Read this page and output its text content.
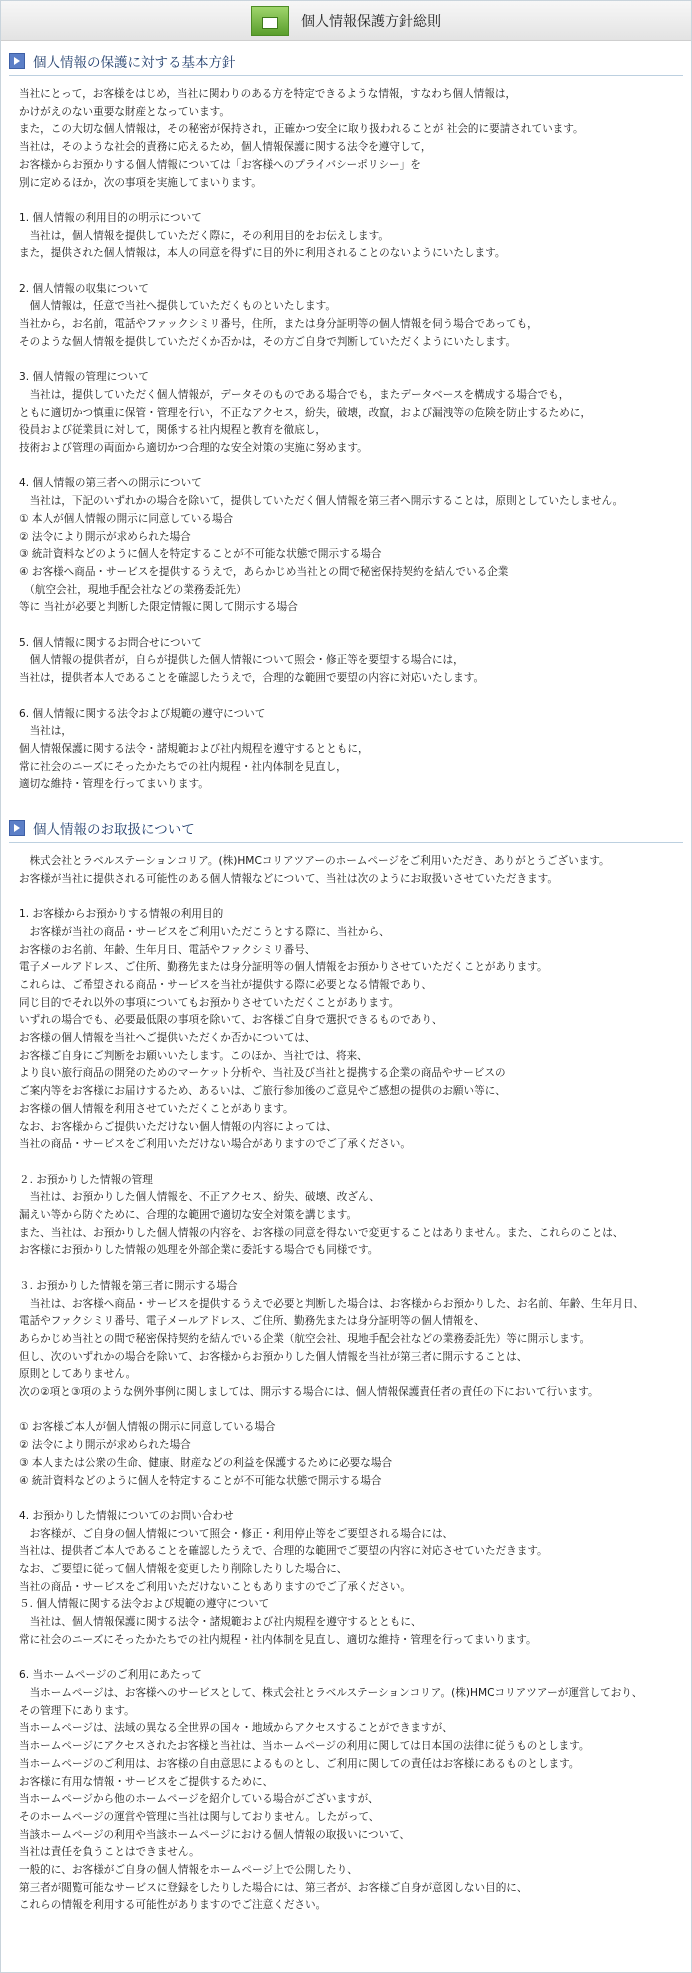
個人情報保護方針総則
個人情報の保護に対する基本方針
当社にとって，お客様をはじめ，当社に関わりのある方を特定できるような情報，すなわち個人情報は，
かけがえのない重要な財産となっています。
また，この大切な個人情報は，その秘密が保持され，正確かつ安全に取り扱われることが 社会的に要請されています。
当社は，そのような社会的責務に応えるため，個人情報保護に関する法令を遵守して，
お客様からお預かりする個人情報については「お客様へのプライバシーポリシー」を
別に定めるほか，次の事項を実施してまいります。
1. 個人情報の利用目的の明示について
　当社は，個人情報を提供していただく際に，その利用目的をお伝えします。
また，提供された個人情報は，本人の同意を得ずに目的外に利用されることのないようにいたします。
2. 個人情報の収集について
　個人情報は，任意で当社へ提供していただくものといたします。
当社から，お名前，電話やファックシミリ番号，住所，または身分証明等の個人情報を伺う場合であっても，
そのような個人情報を提供していただくか否かは，その方ご自身で判断していただくようにいたします。
3. 個人情報の管理について
　当社は，提供していただく個人情報が，データそのものである場合でも，またデータベースを構成する場合でも，
ともに適切かつ慎重に保管・管理を行い，不正なアクセス，紛失，破壊，改竄，および漏洩等の危険を防止するために，
役員および従業員に対して，関係する社内規程と教育を徹底し，
技術および管理の両面から適切かつ合理的な安全対策の実施に努めます。
4. 個人情報の第三者への開示について
　当社は，下記のいずれかの場合を除いて，提供していただく個人情報を第三者へ開示することは，原則としていたしません。
① 本人が個人情報の開示に同意している場合
② 法令により開示が求められた場合
③ 統計資料などのように個人を特定することが不可能な状態で開示する場合
④ お客様へ商品・サービスを提供するうえで，あらかじめ当社との間で秘密保持契約を結んでいる企業
　（航空会社，現地手配会社などの業務委託先）
等に 当社が必要と判断した限定情報に関して開示する場合
5. 個人情報に関するお問合せについて
　個人情報の提供者が，自らが提供した個人情報について照会・修正等を要望する場合には，
当社は，提供者本人であることを確認したうえで，合理的な範囲で要望の内容に対応いたします。
6. 個人情報に関する法令および規範の遵守について
　当社は，
個人情報保護に関する法令・諸規範および社内規程を遵守するとともに，
常に社会のニーズにそったかたちでの社内規程・社内体制を見直し，
適切な維持・管理を行ってまいります。
個人情報のお取扱について
　株式会社とラベルステーションコリア。(株)HMCコリアツアーのホームページをご利用いただき、ありがとうございます。
お客様が当社に提供される可能性のある個人情報などについて、当社は次のようにお取扱いさせていただきます。
1. お客様からお預かりする情報の利用目的
　お客様が当社の商品・サービスをご利用いただこうとする際に、当社から、
お客様のお名前、年齢、生年月日、電話やファクシミリ番号、
電子メールアドレス、ご住所、勤務先または身分証明等の個人情報をお預かりさせていただくことがあります。
これらは、ご希望される商品・サービスを当社が提供する際に必要となる情報であり、
同じ目的でそれ以外の事項についてもお預かりさせていただくことがあります。
いずれの場合でも、必要最低限の事項を除いて、お客様ご自身で選択できるものであり、
お客様の個人情報を当社へご提供いただくか否かについては、
お客様ご自身にご判断をお願いいたします。このほか、当社では、将来、
より良い旅行商品の開発のためのマーケット分析や、当社及び当社と提携する企業の商品やサービスの
ご案内等をお客様にお届けするため、あるいは、ご旅行参加後のご意見やご感想の提供のお願い等に、
お客様の個人情報を利用させていただくことがあります。
なお、お客様からご提供いただけない個人情報の内容によっては、
当社の商品・サービスをご利用いただけない場合がありますのでご了承ください。
２. お預かりした情報の管理
　当社は、お預かりした個人情報を、不正アクセス、紛失、破壊、改ざん、
漏えい等から防ぐために、合理的な範囲で適切な安全対策を講じます。
また、当社は、お預かりした個人情報の内容を、お客様の同意を得ないで変更することはありません。また、これらのことは、
お客様にお預かりした情報の処理を外部企業に委託する場合でも同様です。
３. お預かりした情報を第三者に開示する場合
　当社は、お客様へ商品・サービスを提供するうえで必要と判断した場合は、お客様からお預かりした、お名前、年齢、生年月日、
電話やファクシミリ番号、電子メールアドレス、ご住所、勤務先または身分証明等の個人情報を、
あらかじめ当社との間で秘密保持契約を結んでいる企業（航空会社、現地手配会社などの業務委託先）等に開示します。
但し、次のいずれかの場合を除いて、お客様からお預かりした個人情報を当社が第三者に開示することは、
原則としてありません。
次の②項と③項のような例外事例に関しましては、開示する場合には、個人情報保護責任者の責任の下において行います。
① お客様ご本人が個人情報の開示に同意している場合
② 法令により開示が求められた場合
③ 本人または公衆の生命、健康、財産などの利益を保護するために必要な場合
④ 統計資料などのように個人を特定することが不可能な状態で開示する場合
4. お預かりした情報についてのお問い合わせ
　お客様が、ご自身の個人情報について照会・修正・利用停止等をご要望される場合には、
当社は、提供者ご本人であることを確認したうえで、合理的な範囲でご要望の内容に対応させていただきます。
なお、ご要望に従って個人情報を変更したり削除したりした場合に、
当社の商品・サービスをご利用いただけないこともありますのでご了承ください。
５. 個人情報に関する法令および規範の遵守について
　当社は、個人情報保護に関する法令・諸規範および社内規程を遵守するとともに、
常に社会のニーズにそったかたちでの社内規程・社内体制を見直し、適切な維持・管理を行ってまいります。
6. 当ホームページのご利用にあたって
　当ホームページは、お客様へのサービスとして、株式会社とラベルステーションコリア。(株)HMCコリアツアーが運営しており、
その管理下にあります。
当ホームページは、法域の異なる全世界の国々・地域からアクセスすることができますが、
当ホームページにアクセスされたお客様と当社は、当ホームページの利用に関しては日本国の法律に従うものとします。
当ホームページのご利用は、お客様の自由意思によるものとし、ご利用に関しての責任はお客様にあるものとします。
お客様に有用な情報・サービスをご提供するために、
当ホームページから他のホームページを紹介している場合がございますが、
そのホームページの運営や管理に当社は関与しておりません。したがって、
当該ホームページの利用や当該ホームページにおける個人情報の取扱いについて、
当社は責任を負うことはできません。
一般的に、お客様がご自身の個人情報をホームページ上で公開したり、
第三者が閲覧可能なサービスに登録をしたりした場合には、第三者が、お客様ご自身が意図しない目的に、
これらの情報を利用する可能性がありますのでご注意ください。
